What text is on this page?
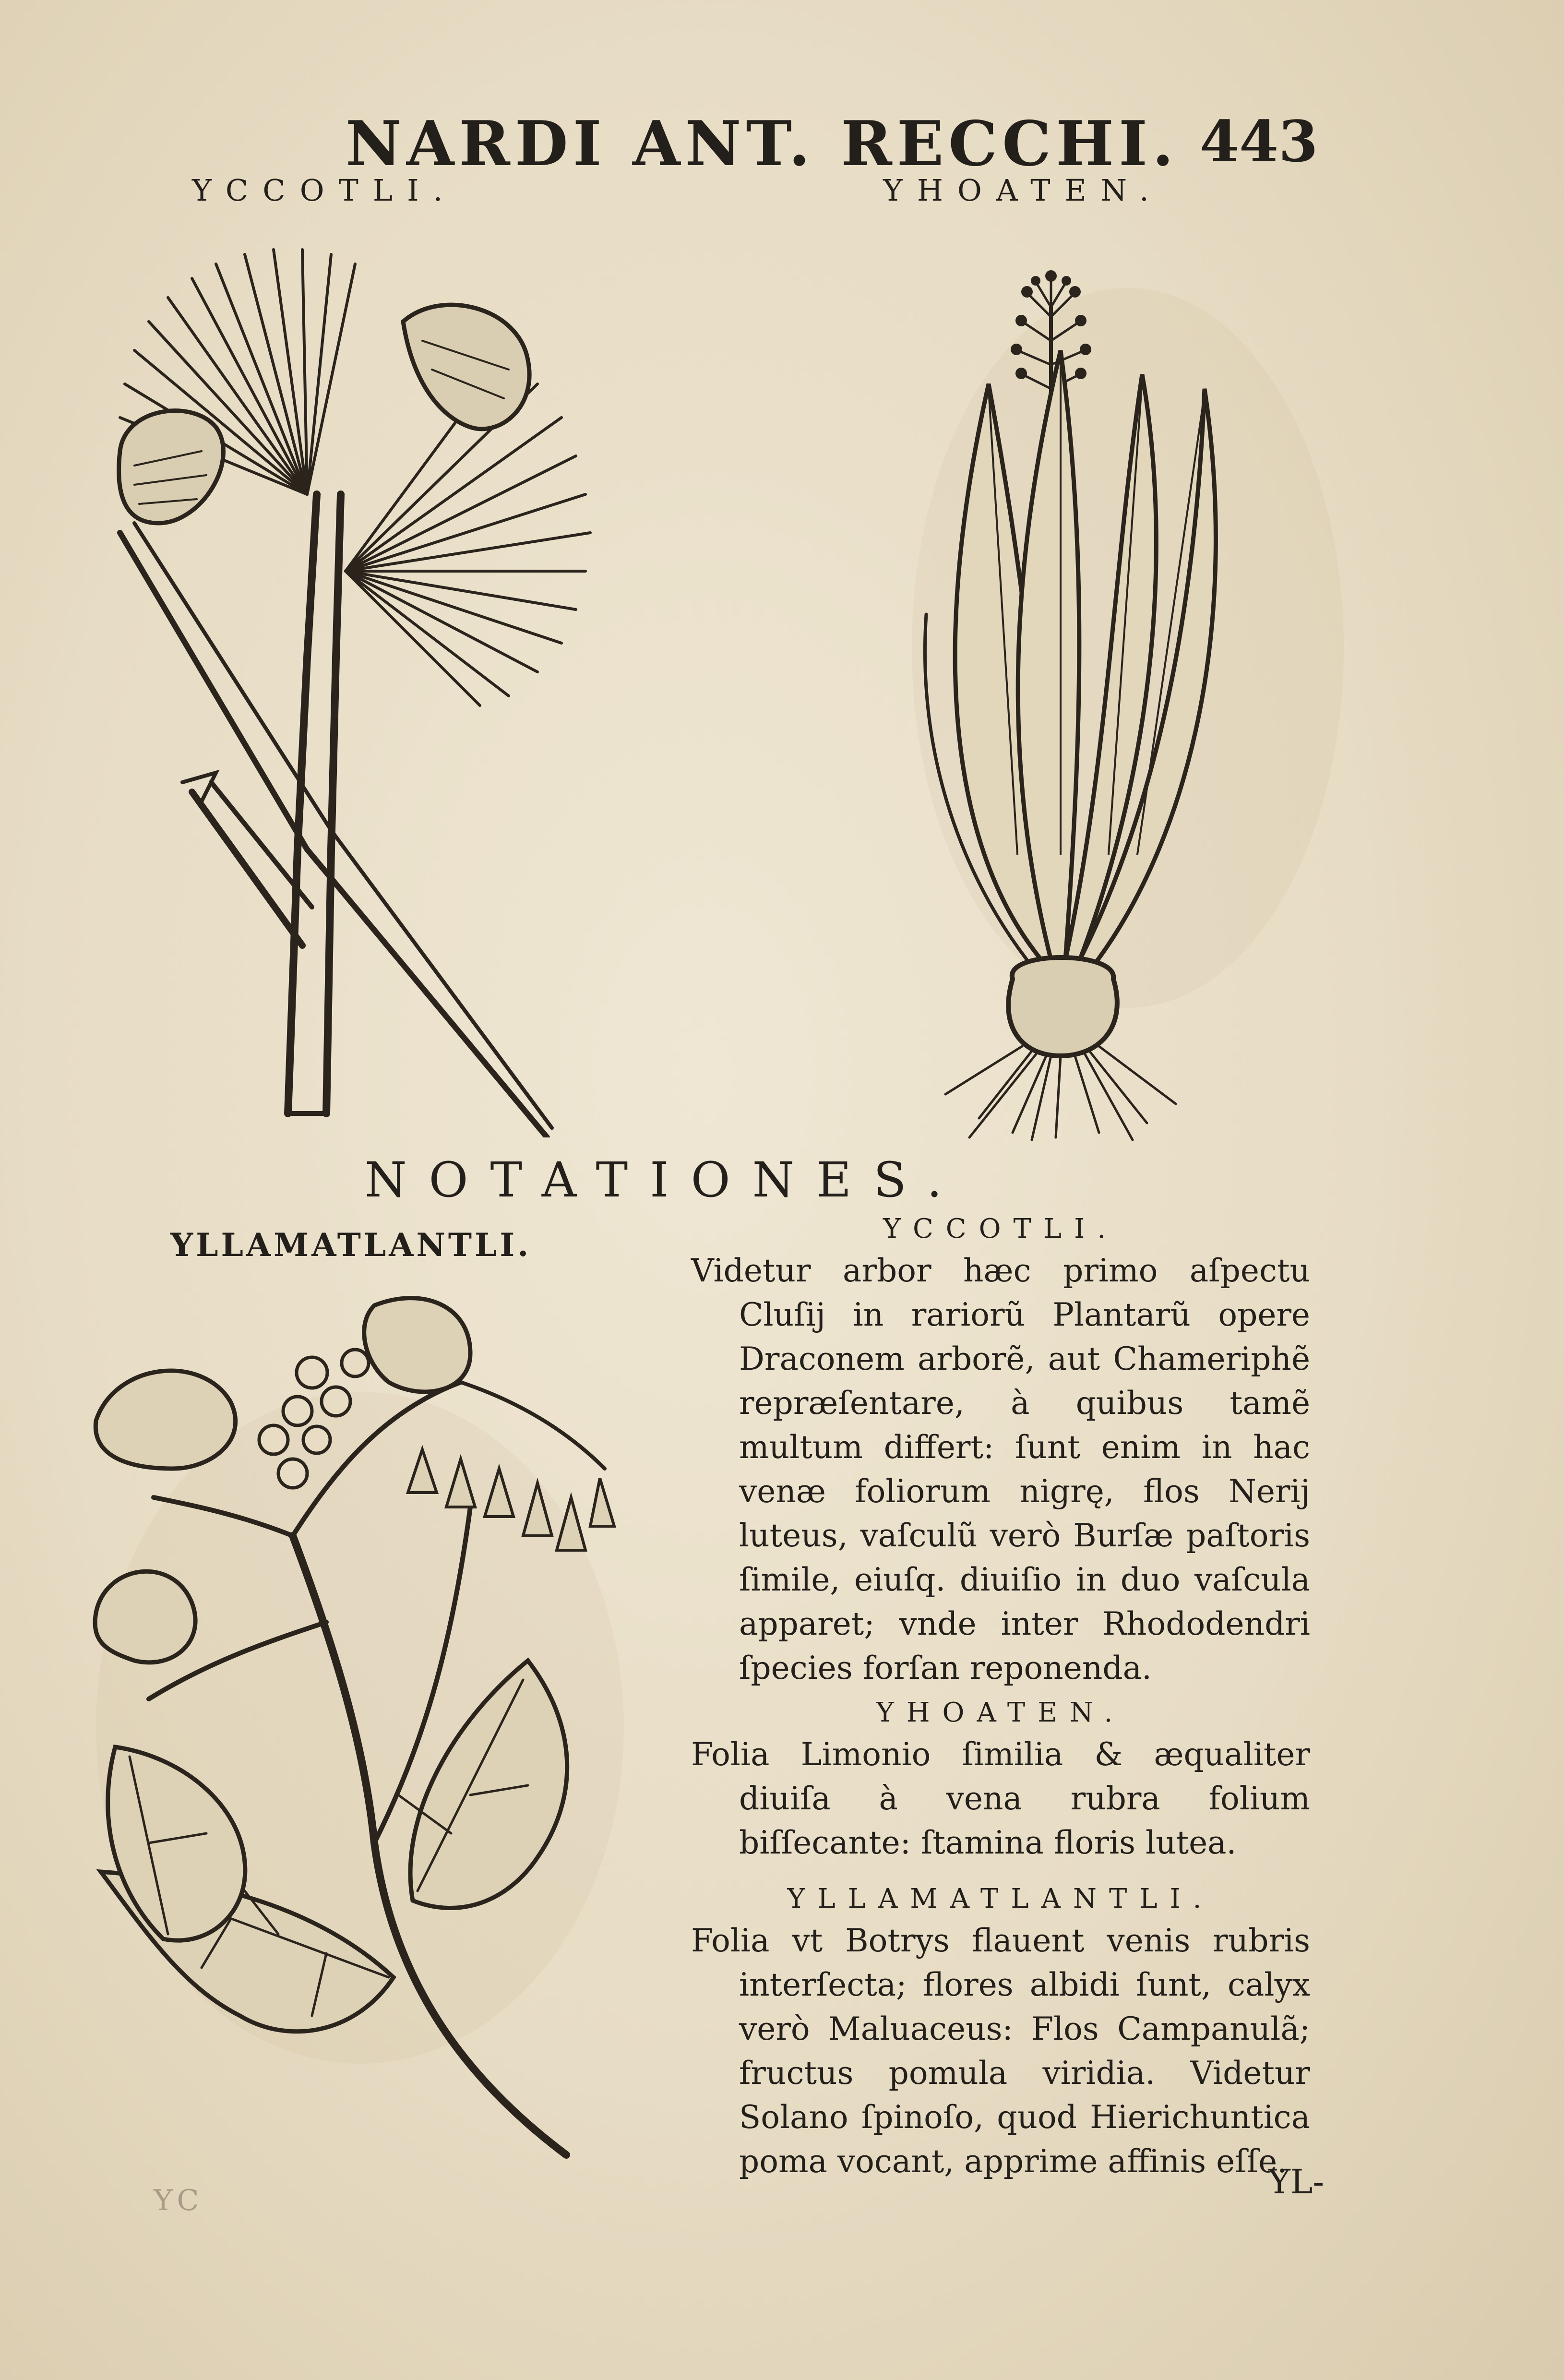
NARDI ANT. RECCHI. 443
YCCOTLI.	YHOATEN.
YLLAMATLANTLI.
NOTATIONES.

YCCOTLI.

Videtur arbor hæc primo aſpectu Cluſij in rariorũ Plantarũ opere Draconem arborẽ, aut Chameriphẽ repræſentare, à quibus tamẽ multum differt: ſunt enim in hac venæ foliorum nigrę, flos Nerij luteus, vaſculũ verò Burſæ paſtoris ſimile, eiuſq. diuiſio in duo vaſcula apparet; vnde inter Rhododendri ſpecies forſan reponenda.

YHOATEN.

Folia Limonio ſimilia & æqualiter diuiſa à vena rubra folium biſſecante: ſtamina floris lutea.

YLLAMATLANTLI.

Folia vt Botrys flauent venis rubris interſecta; flores albidi ſunt, calyx verò Maluaceus: Flos Campanulã; fructus pomula viridia. Videtur Solano ſpinoſo, quod Hierichuntica poma vocant, apprime affinis eſſe.

YL-
YC
